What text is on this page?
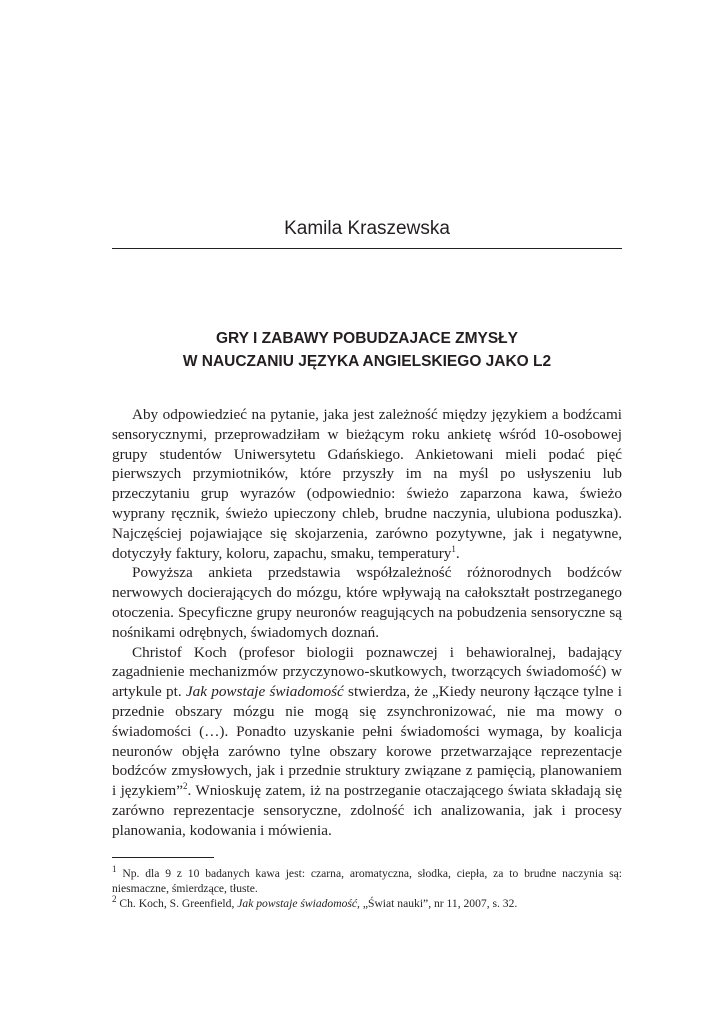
Kamila Kraszewska
GRY I ZABAWY POBUDZAJACE ZMYSŁY
W NAUCZANIU JĘZYKA ANGIELSKIEGO JAKO L2

Aby odpowiedzieć na pytanie, jaka jest zależność między językiem a bodźcami sensorycznymi, przeprowadziłam w bieżącym roku ankietę wśród 10-osobowej grupy studentów Uniwersytetu Gdańskiego. Ankietowani mieli podać pięć pierwszych przymiotników, które przyszły im na myśl po usłyszeniu lub przeczytaniu grup wyrazów (odpowiednio: świeżo zaparzona kawa, świeżo wyprany ręcznik, świeżo upieczony chleb, brudne naczynia, ulubiona poduszka). Najczęściej pojawiające się skojarzenia, zarówno pozytywne, jak i negatywne, dotyczyły faktury, koloru, zapachu, smaku, temperatury$^1$.

Powyższa ankieta przedstawia współzależność różnorodnych bodźców nerwowych docierających do mózgu, które wpływają na całokształt postrzeganego otoczenia. Specyficzne grupy neuronów reagujących na pobudzenia sensoryczne są nośnikami odrębnych, świadomych doznań.

Christof Koch (profesor biologii poznawczej i behawioralnej, badający zagadnienie mechanizmów przyczynowo-skutkowych, tworzących świadomość) w artykule pt. Jak powstaje świadomość stwierdza, że „Kiedy neurony łączące tylne i przednie obszary mózgu nie mogą się zsynchronizować, nie ma mowy o świadomości (…). Ponadto uzyskanie pełni świadomości wymaga, by koalicja neuronów objęła zarówno tylne obszary korowe przetwarzające reprezentacje bodźców zmysłowych, jak i przednie struktury związane z pamięcią, planowaniem i językiem”$^2$. Wnioskuję zatem, iż na postrzeganie otaczającego świata składają się zarówno reprezentacje sensoryczne, zdolność ich analizowania, jak i procesy planowania, kodowania i mówienia.

$^1$ Np. dla 9 z 10 badanych kawa jest: czarna, aromatyczna, słodka, ciepła, za to brudne naczynia są: niesmaczne, śmierdzące, tłuste.

$^2$ Ch. Koch, S. Greenfield, Jak powstaje świadomość, „Świat nauki”, nr 11, 2007, s. 32.
